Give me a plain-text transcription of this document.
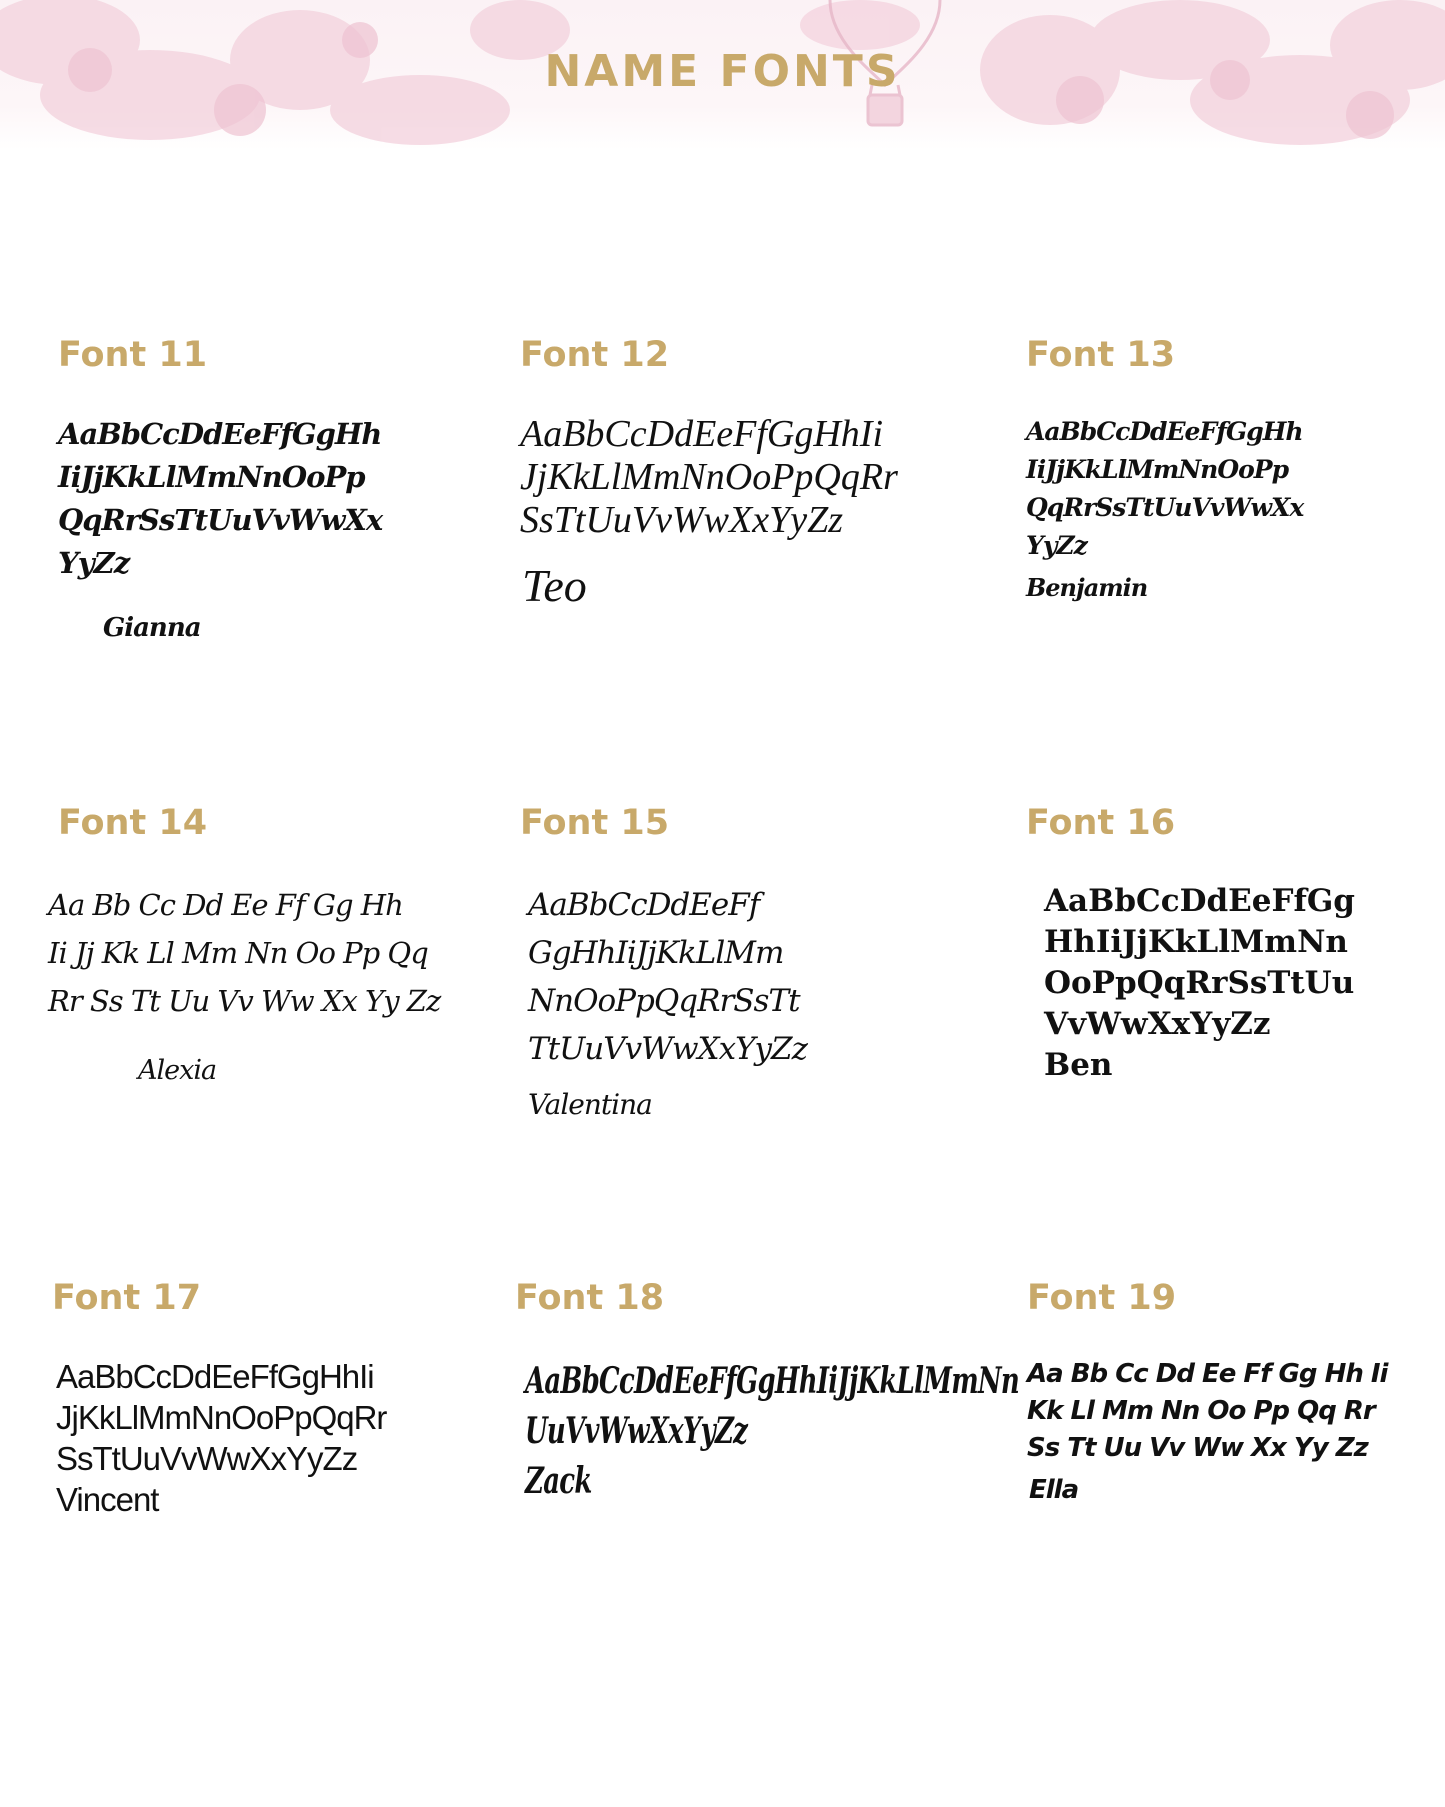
NAME FONTS
Font 11
AaBbCcDdEeFfGgHh
IiJjKkLlMmNnOoPp
QqRrSsTtUuVvWwXx
YyZz
Gianna
Font 12
AaBbCcDdEeFfGgHhIi
JjKkLlMmNnOoPpQqRr
SsTtUuVvWwXxYyZz
Teo
Font 13
AaBbCcDdEeFfGgHh
IiJjKkLlMmNnOoPp
QqRrSsTtUuVvWwXx
YyZz
Benjamin
Font 14
Aa Bb Cc Dd Ee Ff Gg Hh
Ii Jj Kk Ll Mm Nn Oo Pp Qq
Rr Ss Tt Uu Vv Ww Xx Yy Zz
Alexia
Font 15
AaBbCcDdEeFf
GgHhIiJjKkLlMm
NnOoPpQqRrSsTt
TtUuVvWwXxYyZz
Valentina
Font 16
AaBbCcDdEeFfGg
HhIiJjKkLlMmNn
OoPpQqRrSsTtUu
VvWwXxYyZz
Ben
Font 17
AaBbCcDdEeFfGgHhIi
JjKkLlMmNnOoPpQqRr
SsTtUuVvWwXxYyZz
Vincent
Font 18
AaBbCcDdEeFfGgHhIiJjKkLlMmNn
UuVvWwXxYyZz
Zack
Font 19
Aa Bb Cc Dd Ee Ff Gg Hh Ii
Kk Ll Mm Nn Oo Pp Qq Rr
Ss Tt Uu Vv Ww Xx Yy Zz
Ella
